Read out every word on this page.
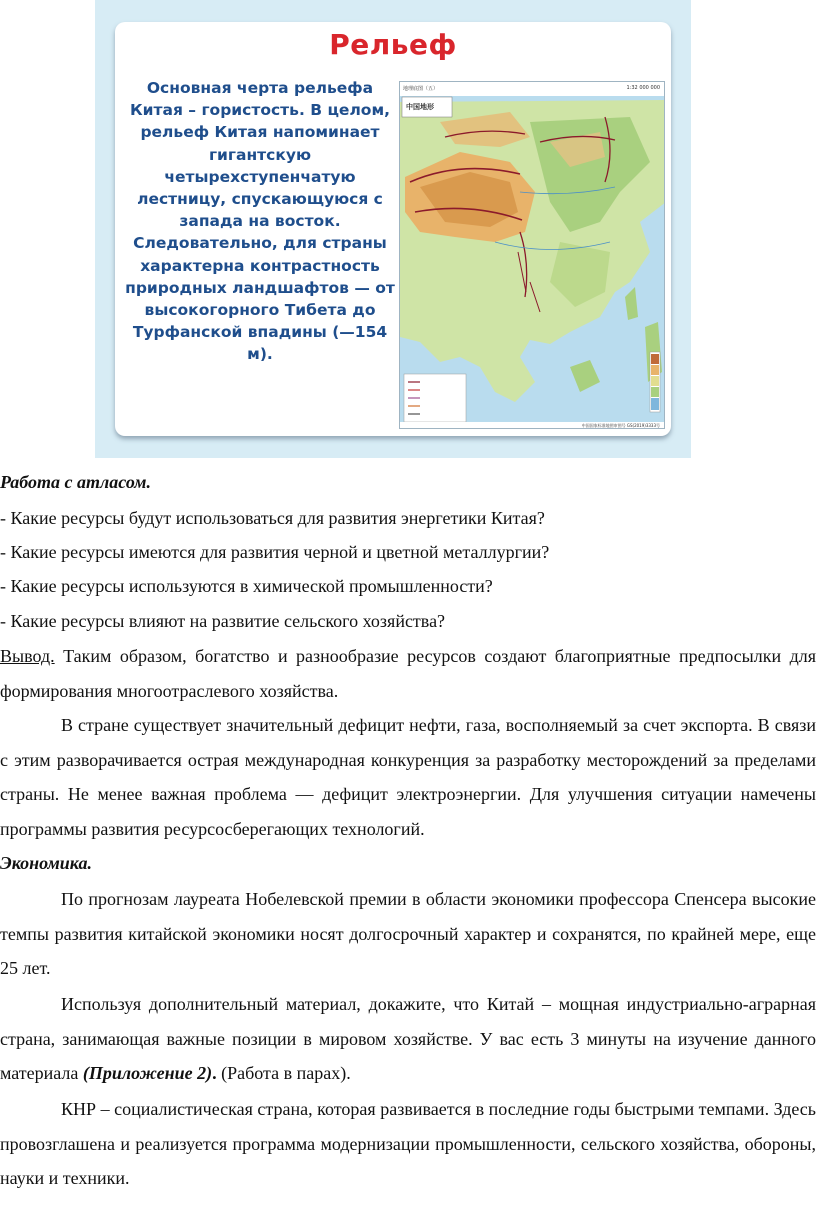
Рельеф
Основная черта рельефа Китая – гористость. В целом, рельеф Китая напоминает гигантскую четырехступенчатую лестницу, спускающуюся с запада на восток. Следовательно, для страны характерна контрастность природных ландшафтов — от высокогорного Тибета до Турфанской впадины (—154 м).
地理底图（五）	1:32 000 000
中国地形
中国国家标准地图审图号 GS(2019)3333号
Работа с атласом.
- Какие ресурсы будут использоваться для развития энергетики Китая?
- Какие ресурсы имеются для развития черной и цветной металлургии?
- Какие ресурсы используются в химической промышленности?
- Какие ресурсы влияют на развитие сельского хозяйства?
Вывод. Таким образом, богатство и разнообразие ресурсов создают благоприятные предпосылки для формирования многоотраслевого хозяйства.
В стране существует значительный дефицит нефти, газа, восполняемый за счет экспорта. В связи с этим разворачивается острая международная конкуренция за разработку месторождений за пределами страны. Не менее важная проблема — дефицит электроэнергии. Для улучшения ситуации намечены программы развития ресурсосберегающих технологий.
Экономика.
По прогнозам лауреата Нобелевской премии в области экономики профессора Спенсера высокие темпы развития китайской экономики носят долгосрочный характер и сохранятся, по крайней мере, еще 25 лет.
Используя дополнительный материал, докажите, что Китай – мощная индустриально-аграрная страна, занимающая важные позиции в мировом хозяйстве. У вас есть 3 минуты на изучение данного материала (Приложение 2). (Работа в парах).
КНР – социалистическая страна, которая развивается в последние годы быстрыми темпами. Здесь провозглашена и реализуется программа модернизации промышленности, сельского хозяйства, обороны, науки и техники.
